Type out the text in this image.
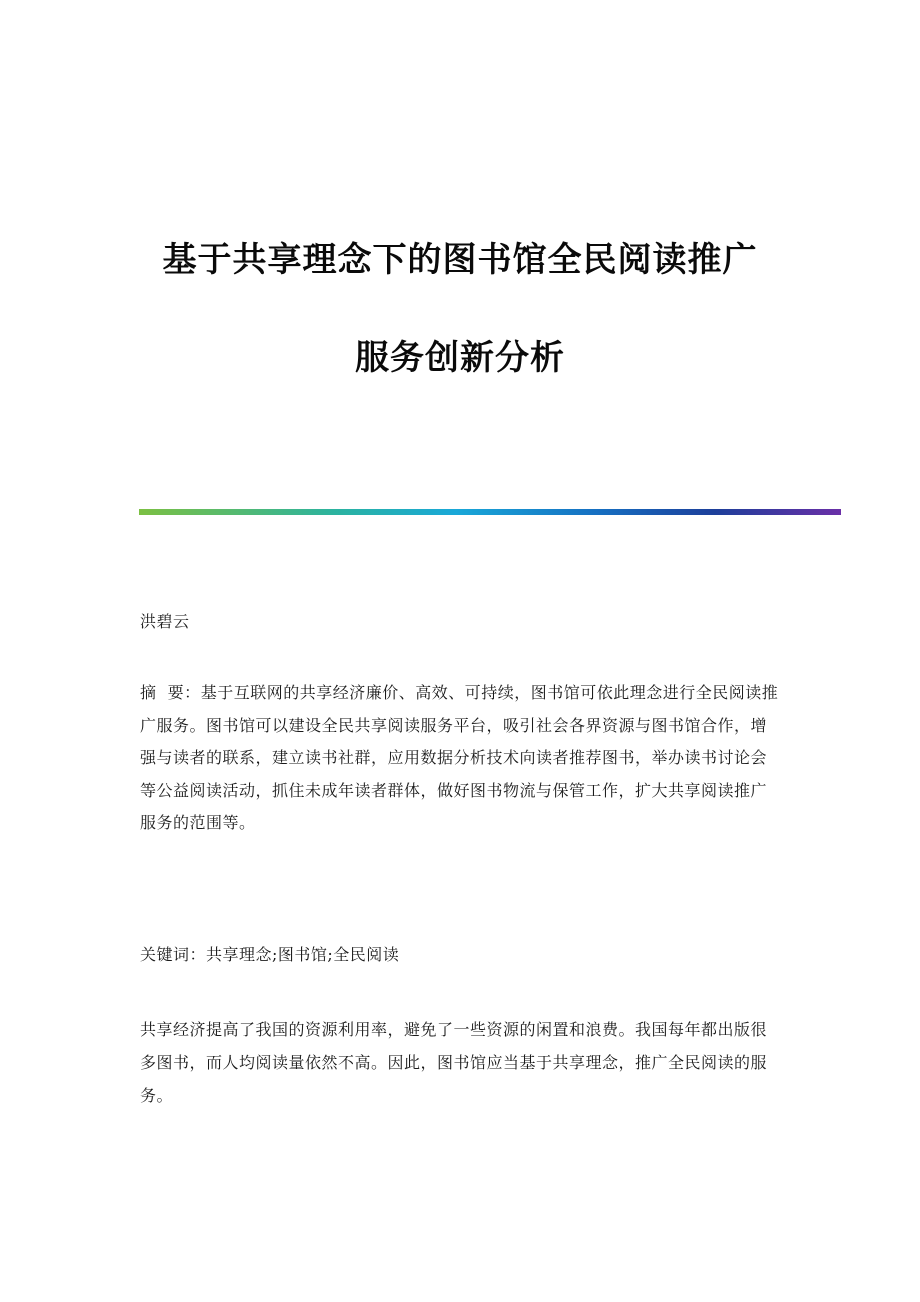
基于共享理念下的图书馆全民阅读推广
服务创新分析
洪碧云
摘  要：基于互联网的共享经济廉价、高效、可持续，图书馆可依此理念进行全民阅读推广服务。图书馆可以建设全民共享阅读服务平台，吸引社会各界资源与图书馆合作，增强与读者的联系，建立读书社群，应用数据分析技术向读者推荐图书，举办读书讨论会等公益阅读活动，抓住未成年读者群体，做好图书物流与保管工作，扩大共享阅读推广服务的范围等。
关键词：共享理念;图书馆;全民阅读
共享经济提高了我国的资源利用率，避免了一些资源的闲置和浪费。我国每年都出版很多图书，而人均阅读量依然不高。因此，图书馆应当基于共享理念，推广全民阅读的服务。
